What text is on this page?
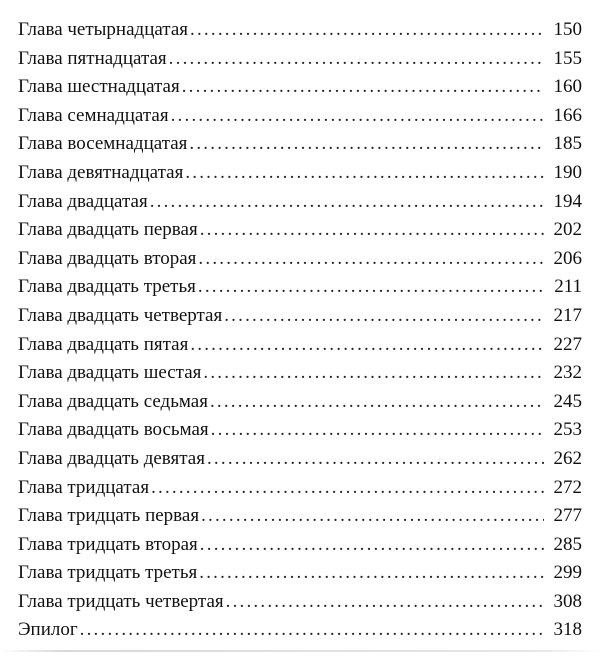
Глава четырнадцатая .....	150
Глава пятнадцатая .....	155
Глава шестнадцатая .....	160
Глава семнадцатая .....	166
Глава восемнадцатая .....	185
Глава девятнадцатая .....	190
Глава двадцатая .....	194
Глава двадцать первая .....	202
Глава двадцать вторая .....	206
Глава двадцать третья .....	211
Глава двадцать четвертая .....	217
Глава двадцать пятая .....	227
Глава двадцать шестая .....	232
Глава двадцать седьмая .....	245
Глава двадцать восьмая .....	253
Глава двадцать девятая .....	262
Глава тридцатая .....	272
Глава тридцать первая .....	277
Глава тридцать вторая .....	285
Глава тридцать третья .....	299
Глава тридцать четвертая .....	308
Эпилог .....	318
